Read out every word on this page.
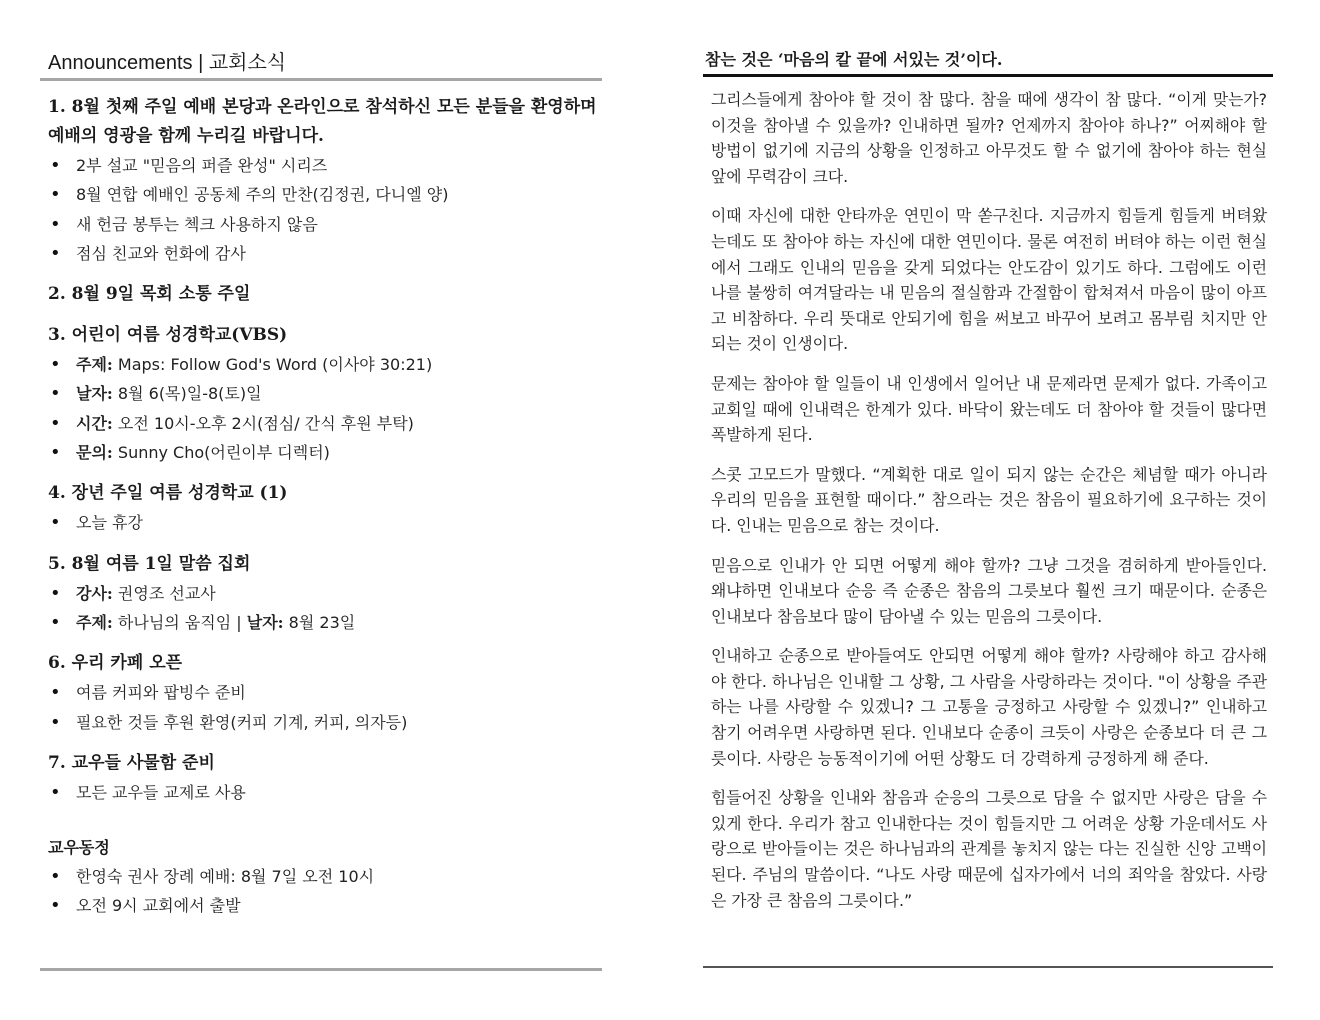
Announcements | 교회소식
1. 8월 첫째 주일 예배 본당과 온라인으로 참석하신 모든 분들을 환영하며 예배의 영광을 함께 누리길 바랍니다.
• 2부 설교 "믿음의 퍼즐 완성" 시리즈
• 8월 연합 예배인 공동체 주의 만찬(김정권, 다니엘 양)
• 새 헌금 봉투는 첵크 사용하지 않음
• 점심 친교와 헌화에 감사
2. 8월 9일 목회 소통 주일
3. 어린이 여름 성경학교(VBS)
• 주제: Maps: Follow God's Word (이사야 30:21)
• 날자: 8월 6(목)일-8(토)일
• 시간: 오전 10시-오후 2시(점심/ 간식 후원 부탁)
• 문의: Sunny Cho(어린이부 디렉터)
4. 장년 주일 여름 성경학교 (1)
• 오늘 휴강
5. 8월 여름 1일 말씀 집회
• 강사: 권영조 선교사
• 주제: 하나님의 움직임 | 날자: 8월 23일
6. 우리 카페 오픈
• 여름 커피와 팝빙수 준비
• 필요한 것들 후원 환영(커피 기계, 커피, 의자등)
7. 교우들 사물함 준비
• 모든 교우들 교제로 사용
교우동정
• 한영숙 권사 장례 예배: 8월 7일 오전 10시
• 오전 9시 교회에서 출발
참는 것은 ‘마음의 칼 끝에 서있는 것’이다.

그리스들에게 참아야 할 것이 참 많다. 참을 때에 생각이 참 많다. “이게 맞는가? 이것을 참아낼 수 있을까? 인내하면 될까? 언제까지 참아야 하나?” 어찌해야 할 방법이 없기에 지금의 상황을 인정하고 아무것도 할 수 없기에 참아야 하는 현실앞에 무력감이 크다.

이때 자신에 대한 안타까운 연민이 막 쏟구친다. 지금까지 힘들게 힘들게 버텨왔는데도 또 참아야 하는 자신에 대한 연민이다. 물론 여전히 버텨야 하는 이런 현실에서 그래도 인내의 믿음을 갖게 되었다는 안도감이 있기도 하다. 그럼에도 이런 나를 불쌍히 여겨달라는 내 믿음의 절실함과 간절함이 합쳐져서 마음이 많이 아프고 비참하다. 우리 뜻대로 안되기에 힘을 써보고 바꾸어 보려고 몸부림 치지만 안 되는 것이 인생이다.

문제는 참아야 할 일들이 내 인생에서 일어난 내 문제라면 문제가 없다. 가족이고 교회일 때에 인내력은 한계가 있다. 바닥이 왔는데도 더 참아야 할 것들이 많다면 폭발하게 된다.

스콧 고모드가 말했다. “계획한 대로 일이 되지 않는 순간은 체념할 때가 아니라 우리의 믿음을 표현할 때이다.” 참으라는 것은 참음이 필요하기에 요구하는 것이다. 인내는 믿음으로 참는 것이다.

믿음으로 인내가 안 되면 어떻게 해야 할까? 그냥 그것을 겸허하게 받아들인다. 왜냐하면 인내보다 순응 즉 순종은 참음의 그릇보다 훨씬 크기 때문이다. 순종은 인내보다 참음보다 많이 담아낼 수 있는 믿음의 그릇이다.

인내하고 순종으로 받아들여도 안되면 어떻게 해야 할까? 사랑해야 하고 감사해야 한다. 하나님은 인내할 그 상황, 그 사람을 사랑하라는 것이다. "이 상황을 주관하는 나를 사랑할 수 있겠니? 그 고통을 긍정하고 사랑할 수 있겠니?” 인내하고 참기 어려우면 사랑하면 된다. 인내보다 순종이 크듯이 사랑은 순종보다 더 큰 그릇이다. 사랑은 능동적이기에 어떤 상황도 더 강력하게 긍정하게 해 준다.

힘들어진 상황을 인내와 참음과 순응의 그릇으로 담을 수 없지만 사랑은 담을 수 있게 한다. 우리가 참고 인내한다는 것이 힘들지만 그 어려운 상황 가운데서도 사랑으로 받아들이는 것은 하나님과의 관계를 놓치지 않는 다는 진실한 신앙 고백이 된다. 주님의 말씀이다. “나도 사랑 때문에 십자가에서 너의 죄악을 참았다. 사랑은 가장 큰 참음의 그릇이다.”
